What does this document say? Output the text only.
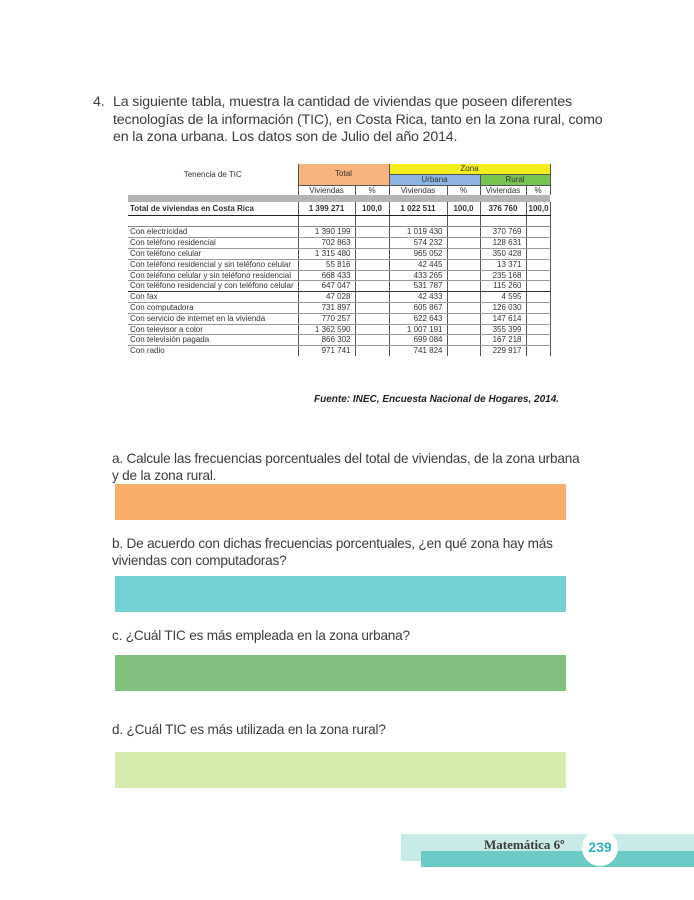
4. La siguiente tabla, muestra la cantidad de viviendas que poseen diferentes tecnologías de la información (TIC), en Costa Rica, tanto en la zona rural, como en la zona urbana. Los datos son de Julio del año 2014.
Tenencia de TIC	Total		Zona			
			Urbana		Rural	
	Viviendas	%	Viviendas	%	Viviendas	%

Total de viviendas en Costa Rica	1 399 271	100,0	1 022 511	100,0	376 760	100,0

Con electricidad	1 390 199		1 019 430		370 769	
Con teléfono residencial	702 863		574 232		128 631	
Con teléfono celular	1 315 480		965 052		350 428	
Con teléfono residencial y sin teléfono celular	55 816		42 445		13 371	
Con teléfono celular y sin teléfono residencial	668 433		433 265		235 168	
Con teléfono residencial y con teléfono celular	647 047		531 787		115 260	
Con fax	47 028		42 433		4 595	
Con computadora	731 897		605 867		126 030	
Con servicio de internet en la vivienda	770 257		622 643		147 614	
Con televisor a color	1 362 590		1 007 191		355 399	
Con televisión pagada	866 302		699 084		167 218	
Con radio	971 741		741 824		229 917	
Fuente: INEC, Encuesta Nacional de Hogares, 2014.
a. Calcule las frecuencias porcentuales del total de viviendas, de la zona urbana y de la zona rural.
b. De acuerdo con dichas frecuencias porcentuales, ¿en qué zona hay más viviendas con computadoras?
c. ¿Cuál TIC es más empleada en la zona urbana?
d. ¿Cuál TIC es más utilizada en la zona rural?
Matemática 6º	239
